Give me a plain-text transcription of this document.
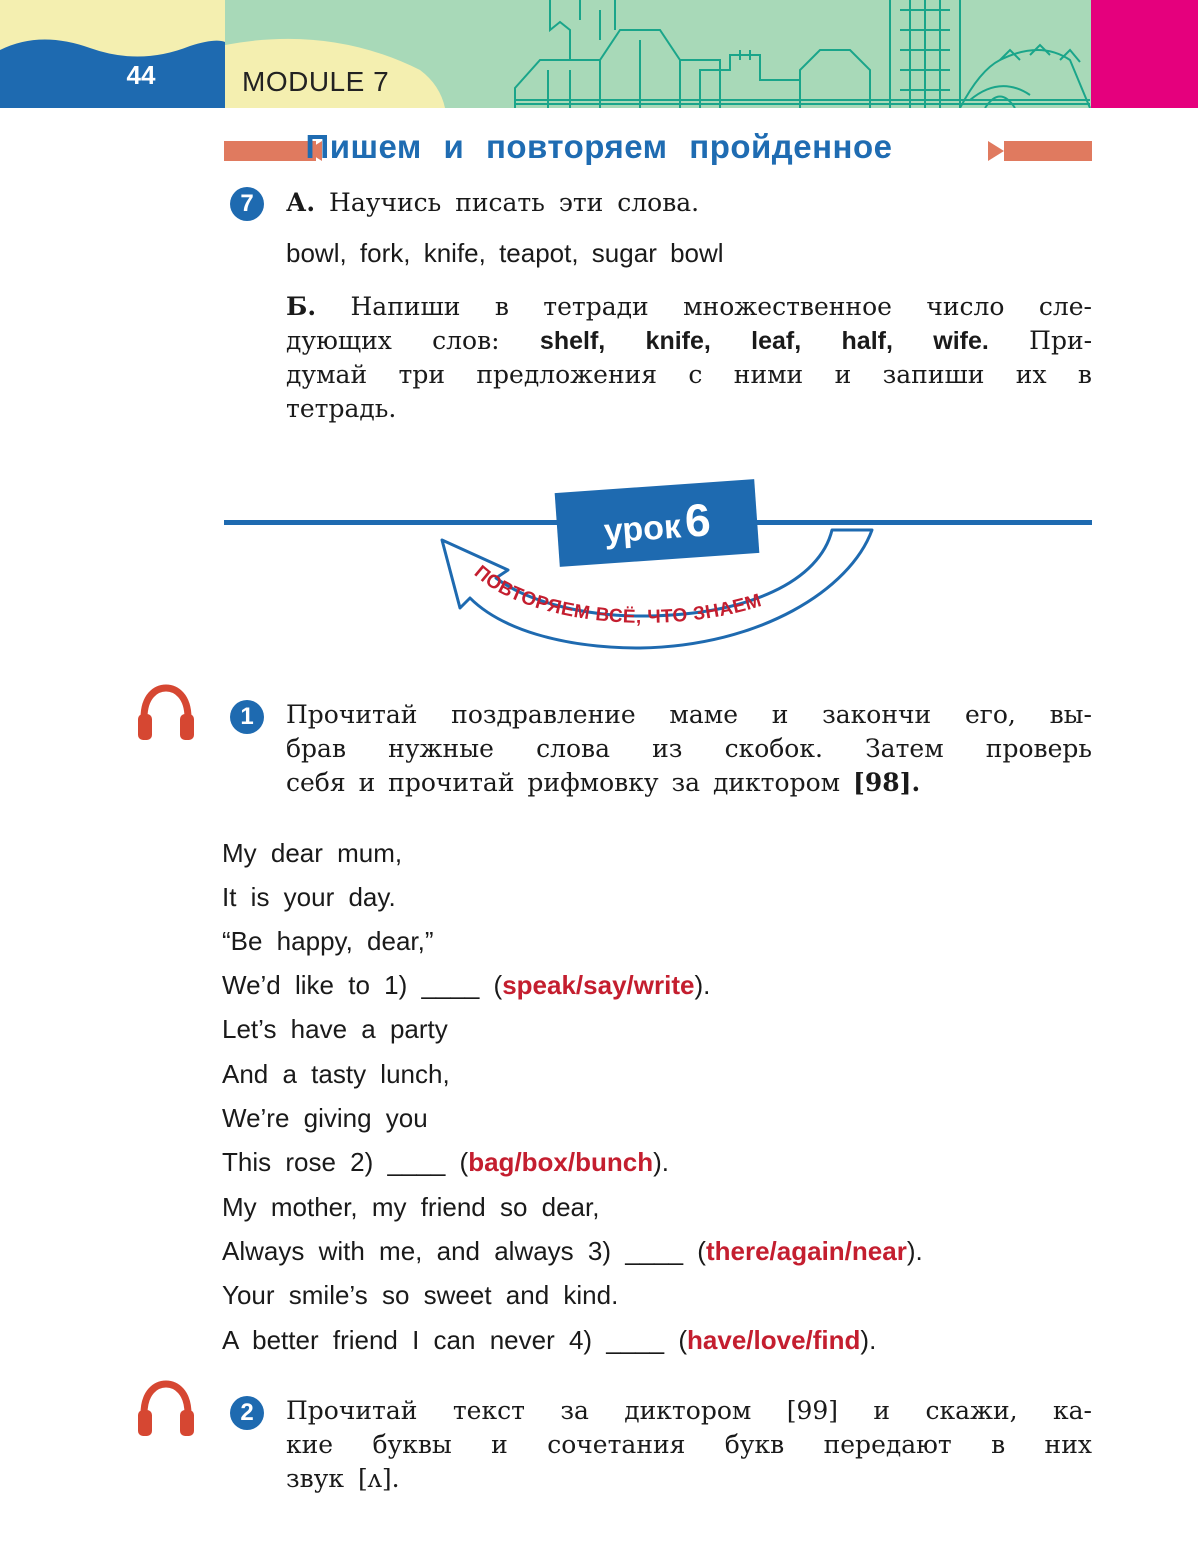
44	MODULE 7
Пишем и повторяем пройденное
7	А. Научись писать эти слова.
bowl, fork, knife, teapot, sugar bowl
Б. Напиши в тетради множественное число сле-
дующих слов: shelf, knife, leaf, half, wife. При-
думай три предложения с ними и запиши их в
тетрадь.
ПОВТОРЯЕМ ВСЁ, ЧТО ЗНАЕМ
урок 6
1	Прочитай поздравление маме и закончи его, вы-
брав нужные слова из скобок. Затем проверь
себя и прочитай рифмовку за диктором [98].
My dear mum,
It is your day.
“Be happy, dear,”
We’d like to 1) ____ (speak/say/write).
Let’s have a party
And a tasty lunch,
We’re giving you
This rose 2) ____ (bag/box/bunch).
My mother, my friend so dear,
Always with me, and always 3) ____ (there/again/near).
Your smile’s so sweet and kind.
A better friend I can never 4) ____ (have/love/find).
2	Прочитай текст за диктором [99] и скажи, ка-
кие буквы и сочетания букв передают в них
звук [ʌ].
